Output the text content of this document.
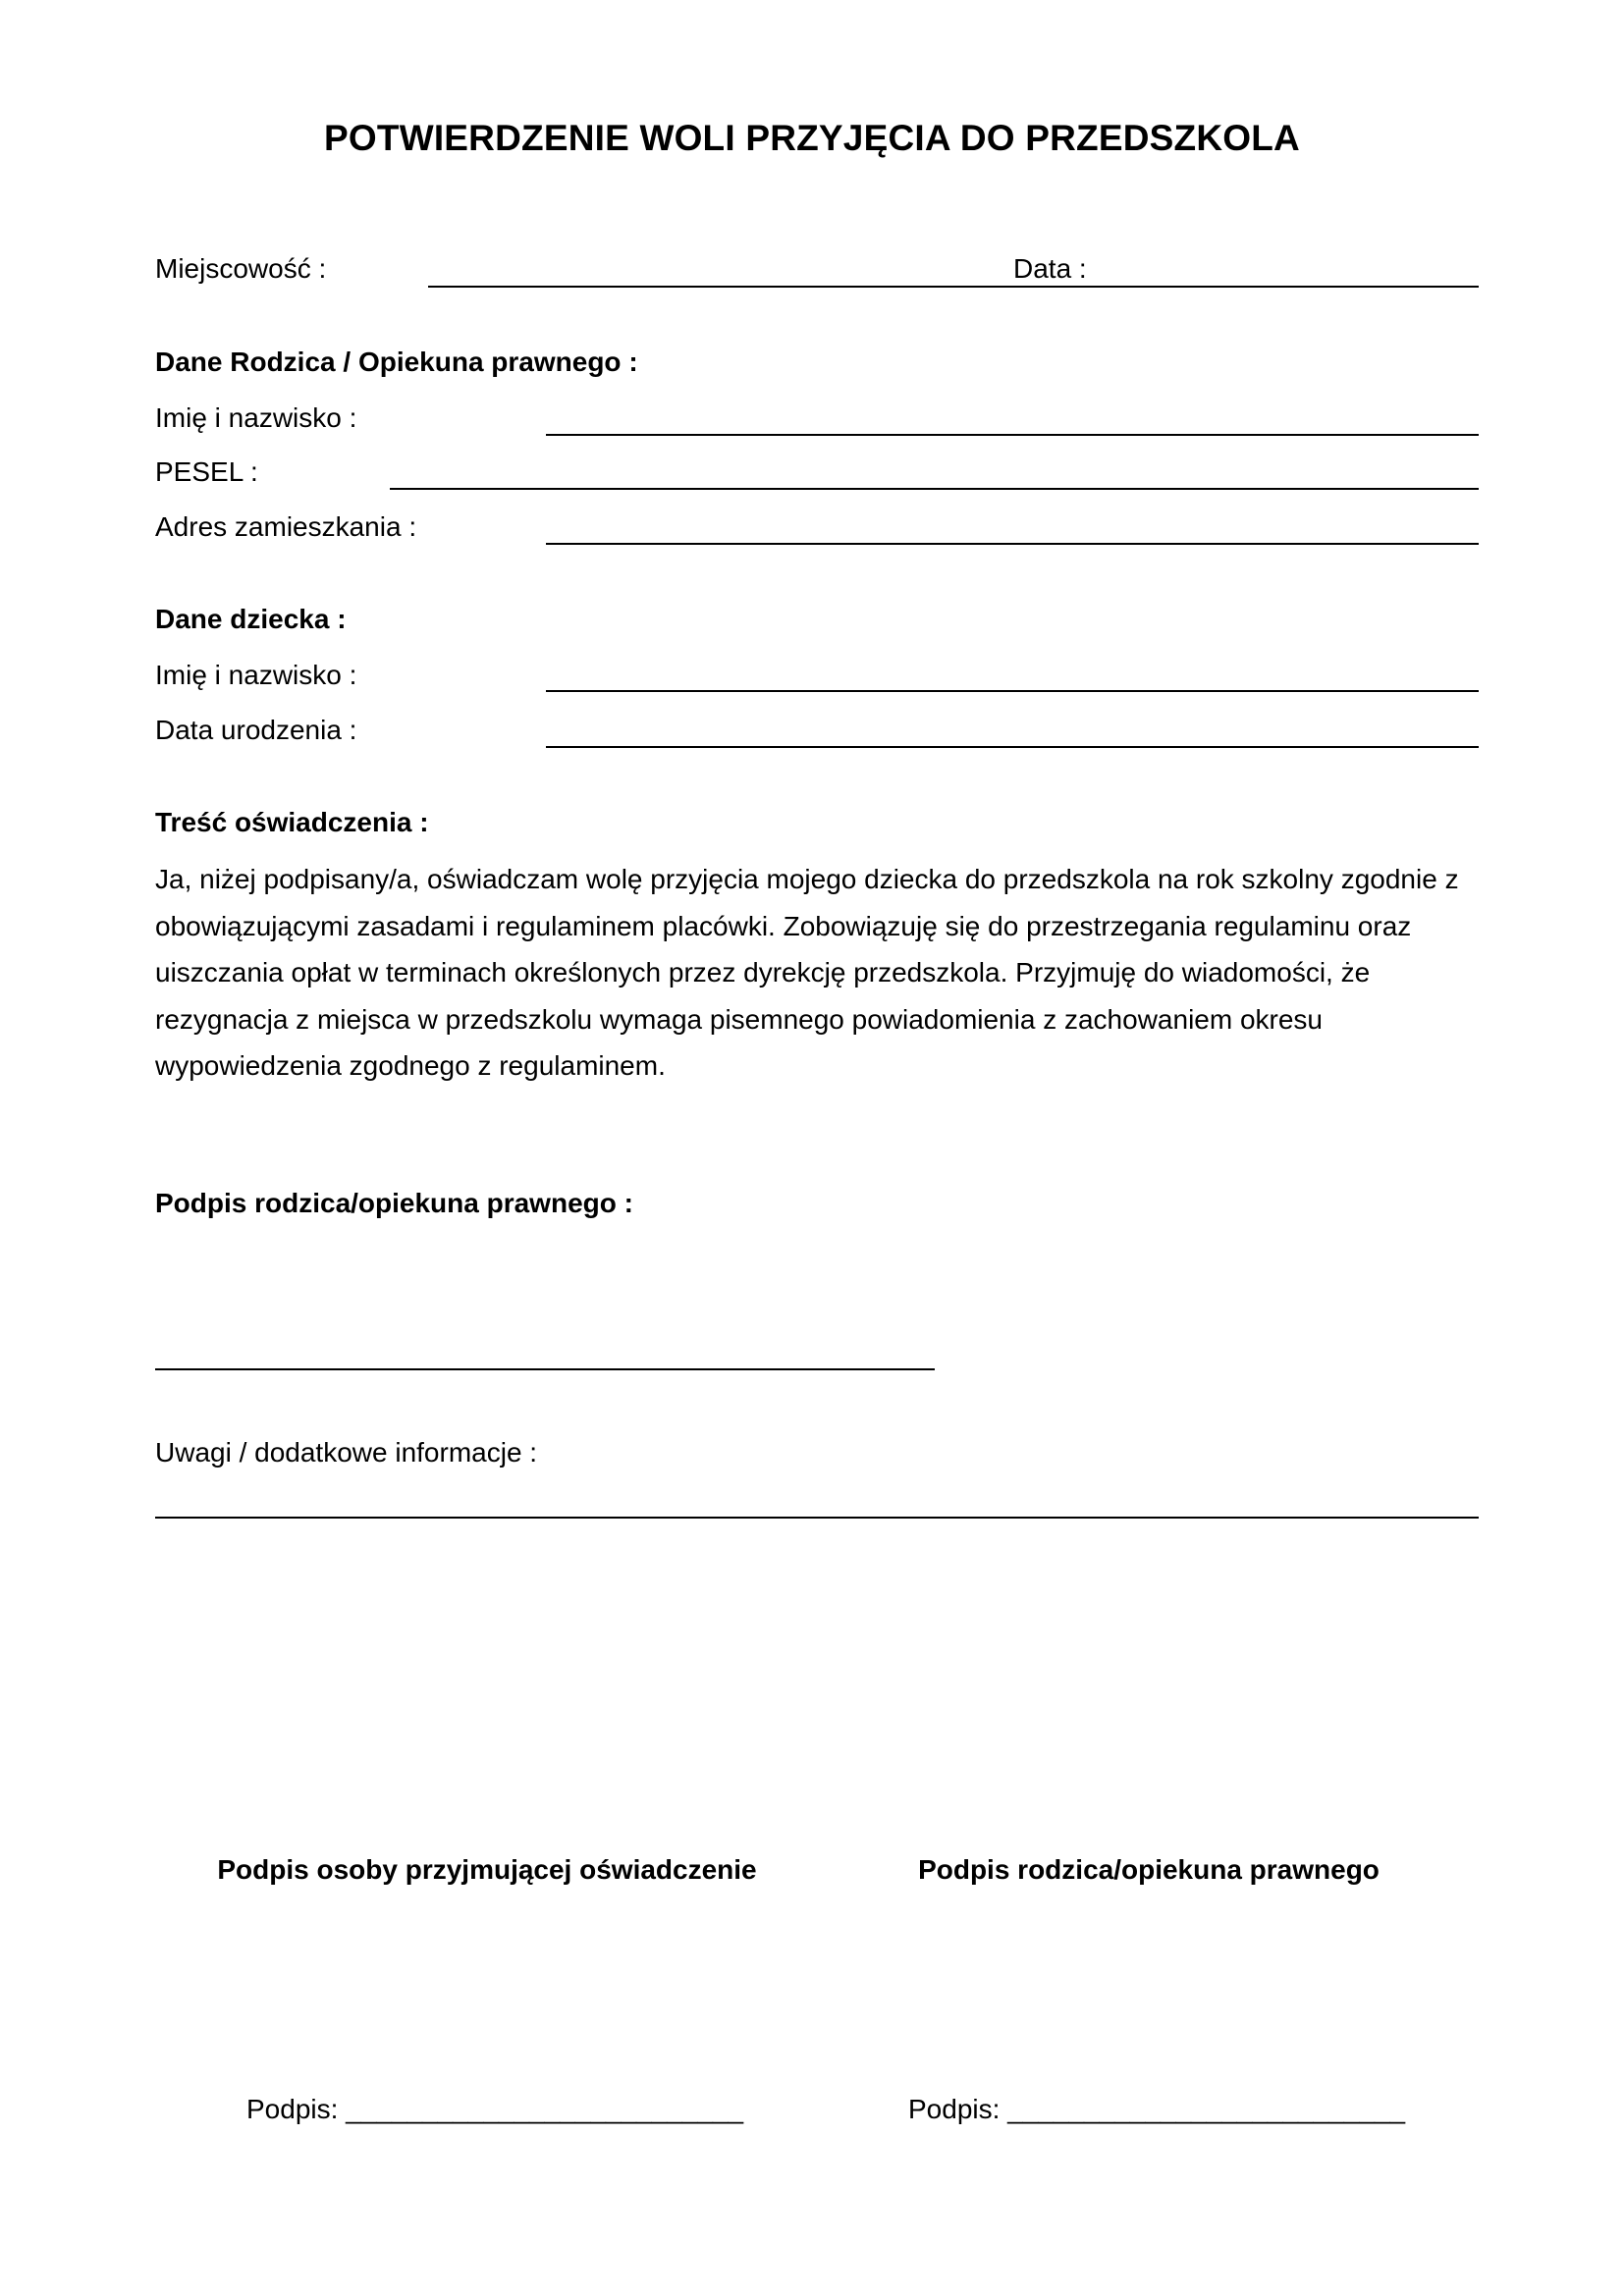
POTWIERDZENIE WOLI PRZYJĘCIA DO PRZEDSZKOLA
Miejscowość :	Data :
Dane Rodzica / Opiekuna prawnego :
Imię i nazwisko :
PESEL :
Adres zamieszkania :
Dane dziecka :
Imię i nazwisko :
Data urodzenia :
Treść oświadczenia :
Ja, niżej podpisany/a, oświadczam wolę przyjęcia mojego dziecka do przedszkola na rok szkolny zgodnie z
obowiązującymi zasadami i regulaminem placówki. Zobowiązuję się do przestrzegania regulaminu oraz
uiszczania opłat w terminach określonych przez dyrekcję przedszkola. Przyjmuję do wiadomości, że
rezygnacja z miejsca w przedszkolu wymaga pisemnego powiadomienia z zachowaniem okresu
wypowiedzenia zgodnego z regulaminem.
Podpis rodzica/opiekuna prawnego :
Uwagi / dodatkowe informacje :
Podpis osoby przyjmującej oświadczenie	Podpis rodzica/opiekuna prawnego
Podpis: __________________________	Podpis: __________________________
